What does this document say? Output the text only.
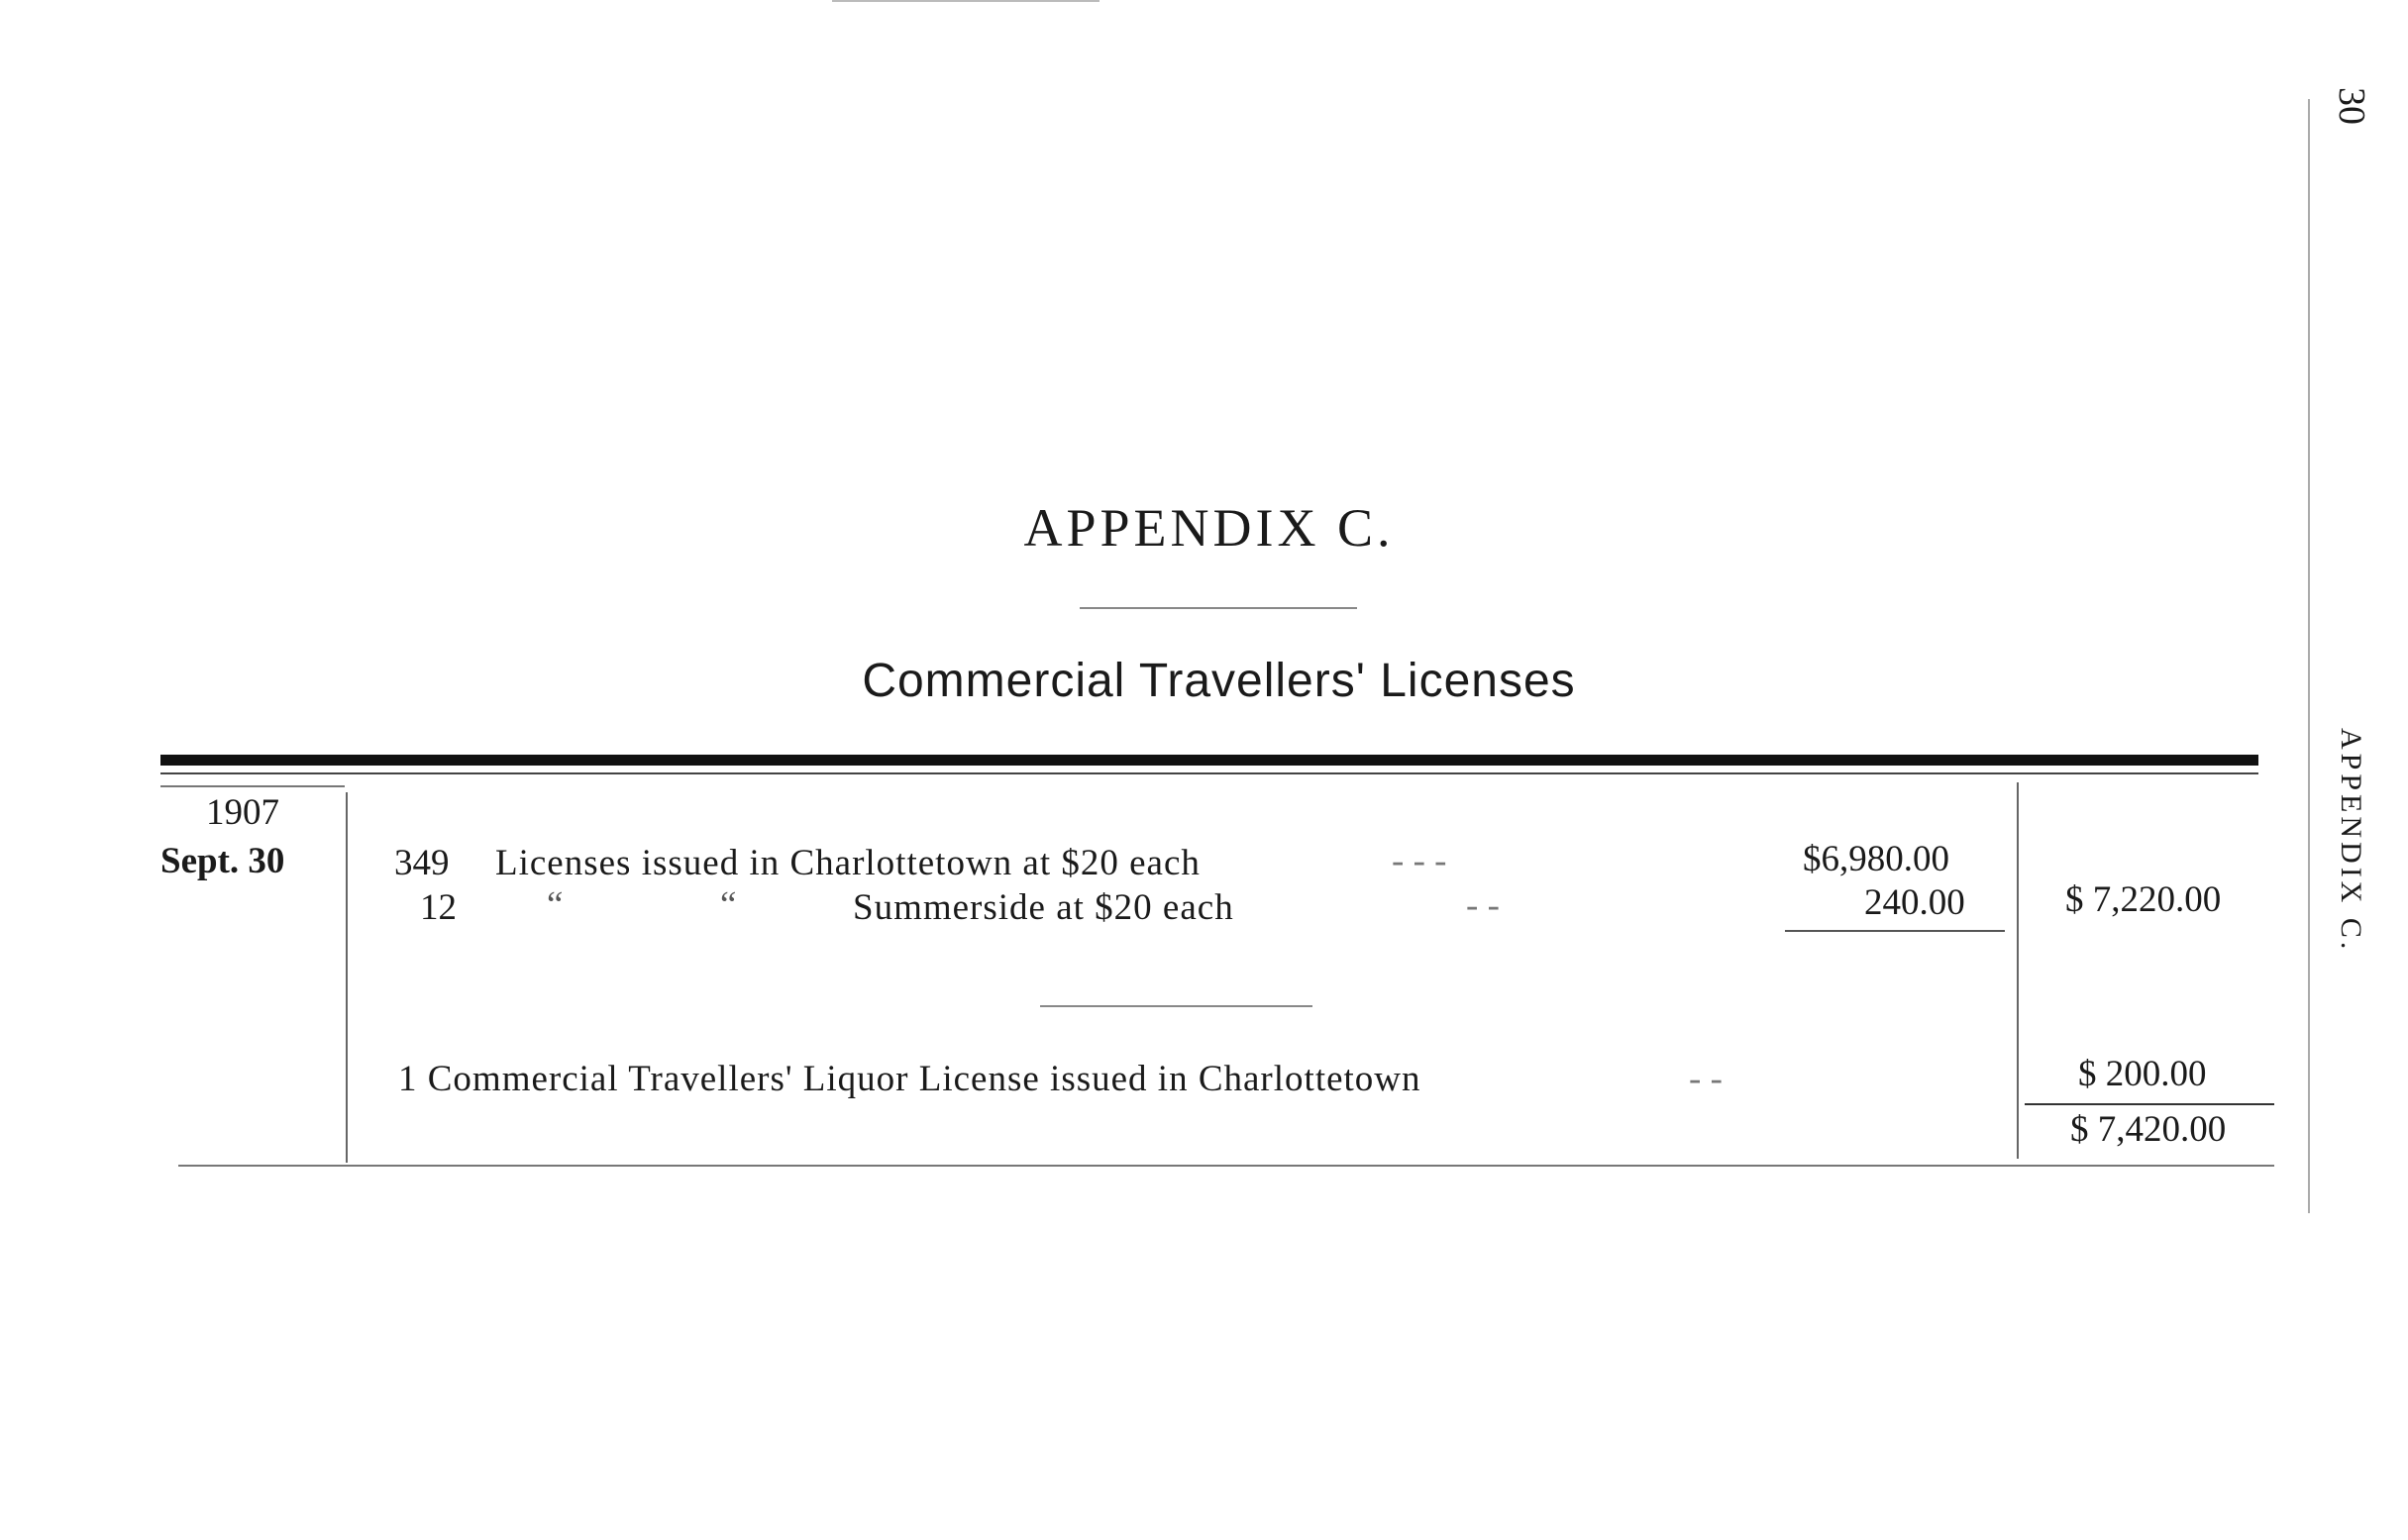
APPENDIX C.
Commercial Travellers' Licenses
1907
Sept. 30	349 Licenses issued in Charlottetown at $20 each	- - -	$6,980.00
12 “	“	Summerside at $20 each	- -	240.00	$ 7,220.00
1 Commercial Travellers' Liquor License issued in Charlottetown	- -	$ 200.00
$ 7,420.00
30
APPENDIX C.
